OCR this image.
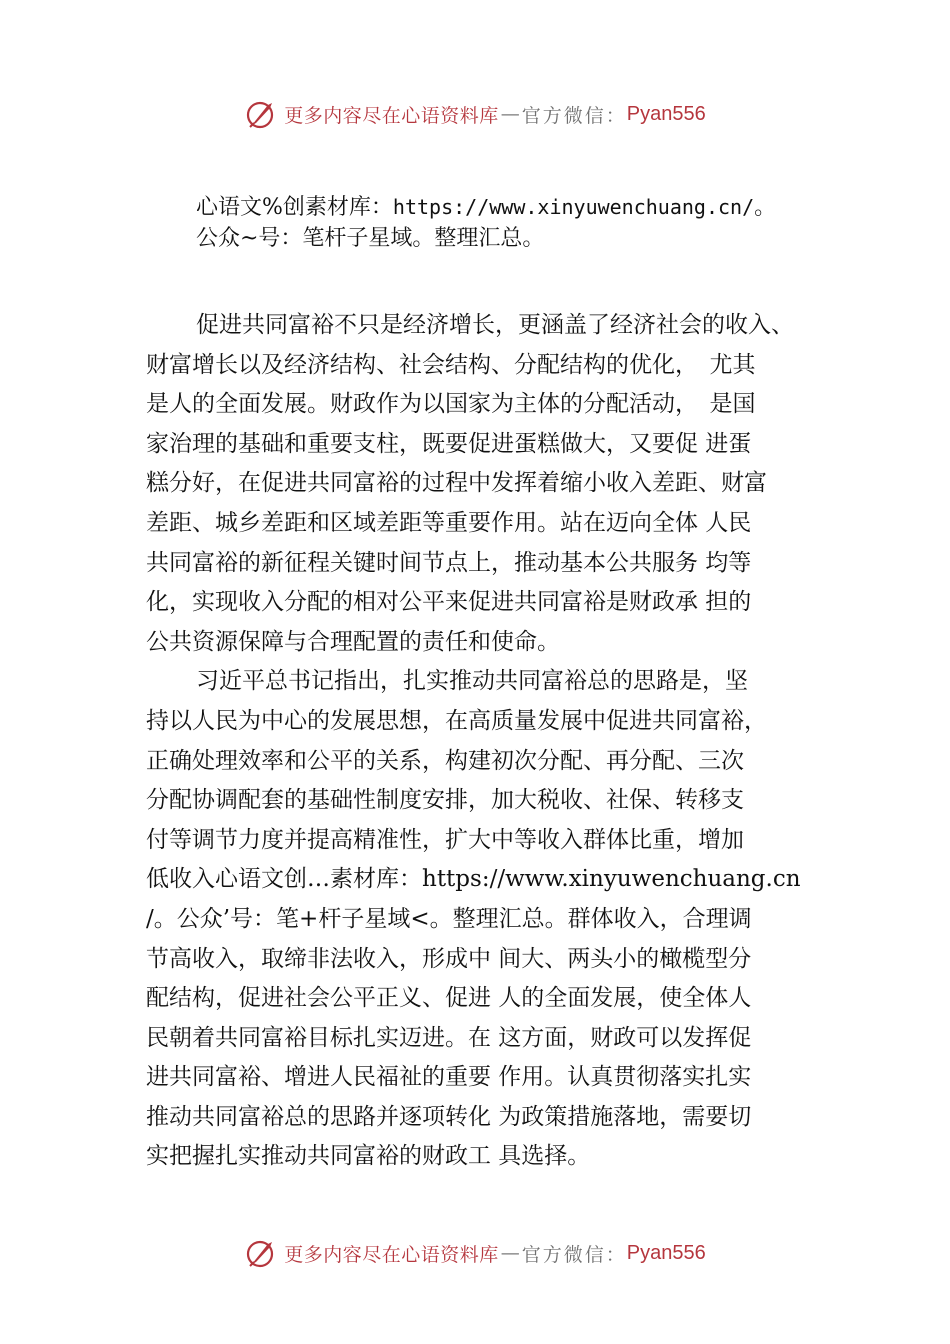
更多内容尽在心语资料库 — 官方微信： Pyan556
心语文%创素材库：https://www.xinyuwenchuang.cn/。
公众~号：笔杆子星域。整理汇总。
促进共同富裕不只是经济增长，更涵盖了经济社会的收入、
财富增长以及经济结构、社会结构、分配结构的优化，　尤其
是人的全面发展。财政作为以国家为主体的分配活动，　是国
家治理的基础和重要支柱，既要促进蛋糕做大，又要促 进蛋
糕分好，在促进共同富裕的过程中发挥着缩小收入差距、财富
差距、城乡差距和区域差距等重要作用。站在迈向全体 人民
共同富裕的新征程关键时间节点上，推动基本公共服务 均等
化，实现收入分配的相对公平来促进共同富裕是财政承 担的
公共资源保障与合理配置的责任和使命。
习近平总书记指出，扎实推动共同富裕总的思路是，坚
持以人民为中心的发展思想，在高质量发展中促进共同富裕，
正确处理效率和公平的关系，构建初次分配、再分配、三次
分配协调配套的基础性制度安排，加大税收、社保、转移支
付等调节力度并提高精准性，扩大中等收入群体比重，增加
低收入心语文创…素材库：https://www.xinyuwenchuang.cn
/。公众’号：笔+杆子星域<。整理汇总。群体收入，合理调
节高收入，取缔非法收入，形成中 间大、两头小的橄榄型分
配结构，促进社会公平正义、促进 人的全面发展，使全体人
民朝着共同富裕目标扎实迈进。在 这方面，财政可以发挥促
进共同富裕、增进人民福祉的重要 作用。认真贯彻落实扎实
推动共同富裕总的思路并逐项转化 为政策措施落地，需要切
实把握扎实推动共同富裕的财政工 具选择。
更多内容尽在心语资料库 — 官方微信： Pyan556
